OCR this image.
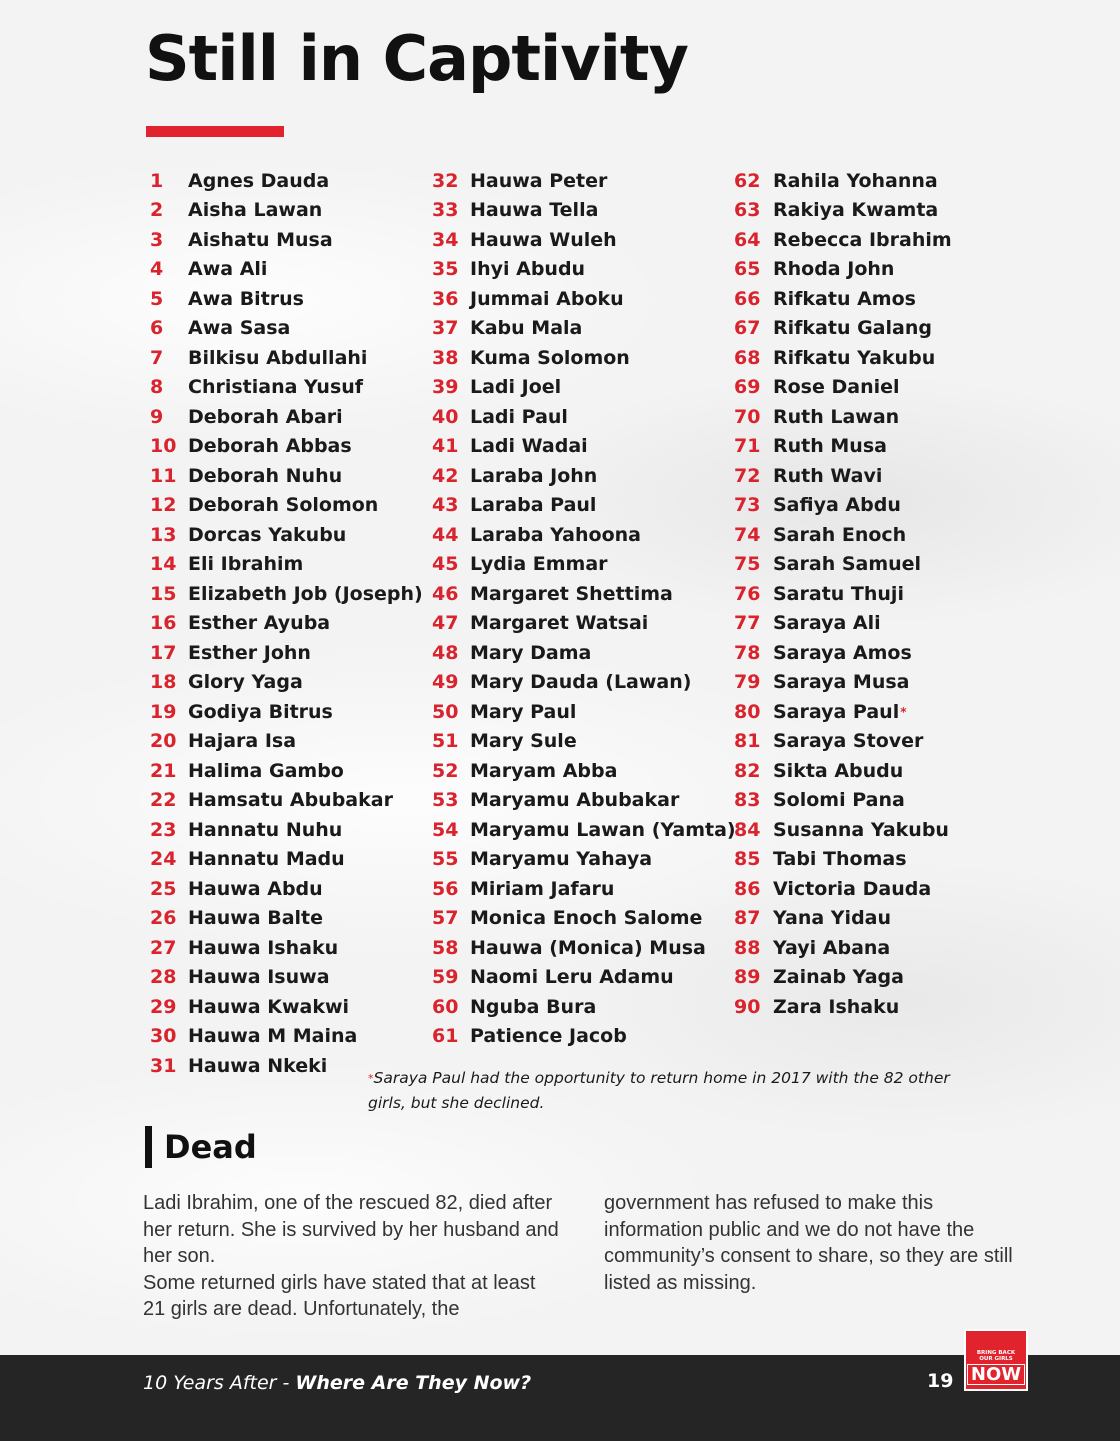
Still in Captivity
1	Agnes Dauda
2	Aisha Lawan
3	Aishatu Musa
4	Awa Ali
5	Awa Bitrus
6	Awa Sasa
7	Bilkisu Abdullahi
8	Christiana Yusuf
9	Deborah Abari
10 Deborah Abbas
11 Deborah Nuhu
12 Deborah Solomon
13 Dorcas Yakubu
14 Eli Ibrahim
15 Elizabeth Job (Joseph)
16 Esther Ayuba
17 Esther John
18 Glory Yaga
19 Godiya Bitrus
20 Hajara Isa
21 Halima Gambo
22 Hamsatu Abubakar
23 Hannatu Nuhu
24 Hannatu Madu
25 Hauwa Abdu
26 Hauwa Balte
27 Hauwa Ishaku
28 Hauwa Isuwa
29 Hauwa Kwakwi
30 Hauwa M Maina
31 Hauwa Nkeki
32 Hauwa Peter
33 Hauwa Tella
34 Hauwa Wuleh
35 Ihyi Abudu
36 Jummai Aboku
37 Kabu Mala
38 Kuma Solomon
39 Ladi Joel
40 Ladi Paul
41 Ladi Wadai
42 Laraba John
43 Laraba Paul
44 Laraba Yahoona
45 Lydia Emmar
46 Margaret Shettima
47 Margaret Watsai
48 Mary Dama
49 Mary Dauda (Lawan)
50 Mary Paul
51 Mary Sule
52 Maryam Abba
53 Maryamu Abubakar
54 Maryamu Lawan (Yamta)
55 Maryamu Yahaya
56 Miriam Jafaru
57 Monica Enoch Salome
58 Hauwa (Monica) Musa
59 Naomi Leru Adamu
60 Nguba Bura
61 Patience Jacob
62 Rahila Yohanna
63 Rakiya Kwamta
64 Rebecca Ibrahim
65 Rhoda John
66 Rifkatu Amos
67 Rifkatu Galang
68 Rifkatu Yakubu
69 Rose Daniel
70 Ruth Lawan
71 Ruth Musa
72 Ruth Wavi
73 Safiya Abdu
74 Sarah Enoch
75 Sarah Samuel
76 Saratu Thuji
77 Saraya Ali
78 Saraya Amos
79 Saraya Musa
80 Saraya Paul *
81 Saraya Stover
82 Sikta Abudu
83 Solomi Pana
84 Susanna Yakubu
85 Tabi Thomas
86 Victoria Dauda
87 Yana Yidau
88 Yayi Abana
89 Zainab Yaga
90 Zara Ishaku

*Saraya Paul had the opportunity to return home in 2017 with the 82 other girls, but she declined.

Dead

Ladi Ibrahim, one of the rescued 82, died after her return. She is survived by her husband and her son.
Some returned girls have stated that at least 21 girls are dead. Unfortunately, the

government has refused to make this information public and we do not have the community’s consent to share, so they are still listed as missing.

10 Years After - Where Are They Now?	19
BRING BACK
OUR GIRLS
NOW
